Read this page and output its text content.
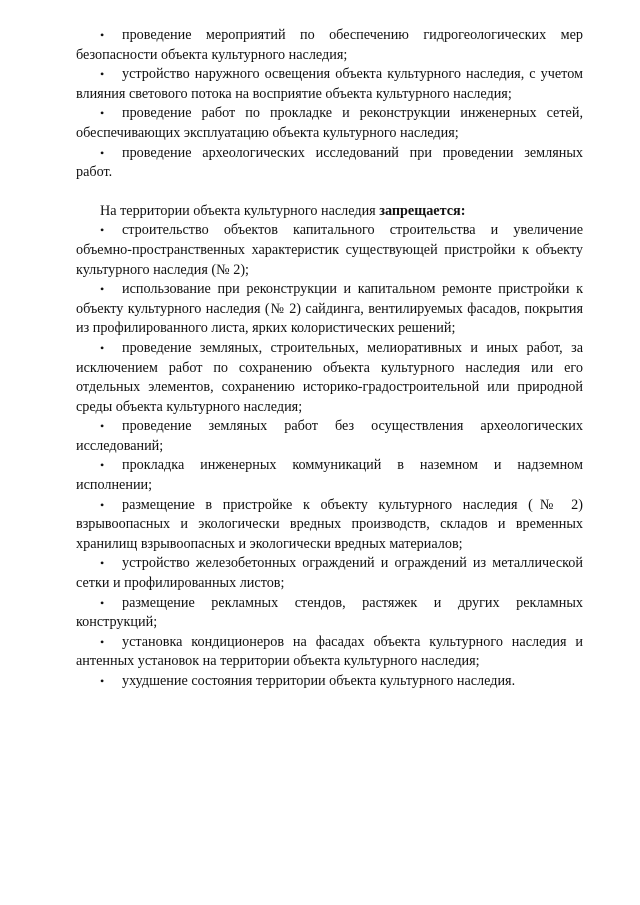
• проведение мероприятий по обеспечению гидрогеологических мер безопасности объекта культурного наследия;

• устройство наружного освещения объекта культурного наследия, с учетом влияния светового потока на восприятие объекта культурного наследия;

• проведение работ по прокладке и реконструкции инженерных сетей, обеспечивающих эксплуатацию объекта культурного наследия;

• проведение археологических исследований при проведении земляных работ.

На территории объекта культурного наследия запрещается:

• строительство объектов капитального строительства и увеличение объемно-пространственных характеристик существующей пристройки к объекту культурного наследия (№ 2);

• использование при реконструкции и капитальном ремонте пристройки к объекту культурного наследия (№ 2) сайдинга, вентилируемых фасадов, покрытия из профилированного листа, ярких колористических решений;

• проведение земляных, строительных, мелиоративных и иных работ, за исключением работ по сохранению объекта культурного наследия или его отдельных элементов, сохранению историко-градостроительной или природной среды объекта культурного наследия;

• проведение земляных работ без осуществления археологических исследований;

• прокладка инженерных коммуникаций в наземном и надземном исполнении;

• размещение в пристройке к объекту культурного наследия (№ 2) взрывоопасных и экологически вредных производств, складов и временных хранилищ взрывоопасных и экологически вредных материалов;

• устройство железобетонных ограждений и ограждений из металлической сетки и профилированных листов;

• размещение рекламных стендов, растяжек и других рекламных конструкций;

• установка кондиционеров на фасадах объекта культурного наследия и антенных установок на территории объекта культурного наследия;

• ухудшение состояния территории объекта культурного наследия.
